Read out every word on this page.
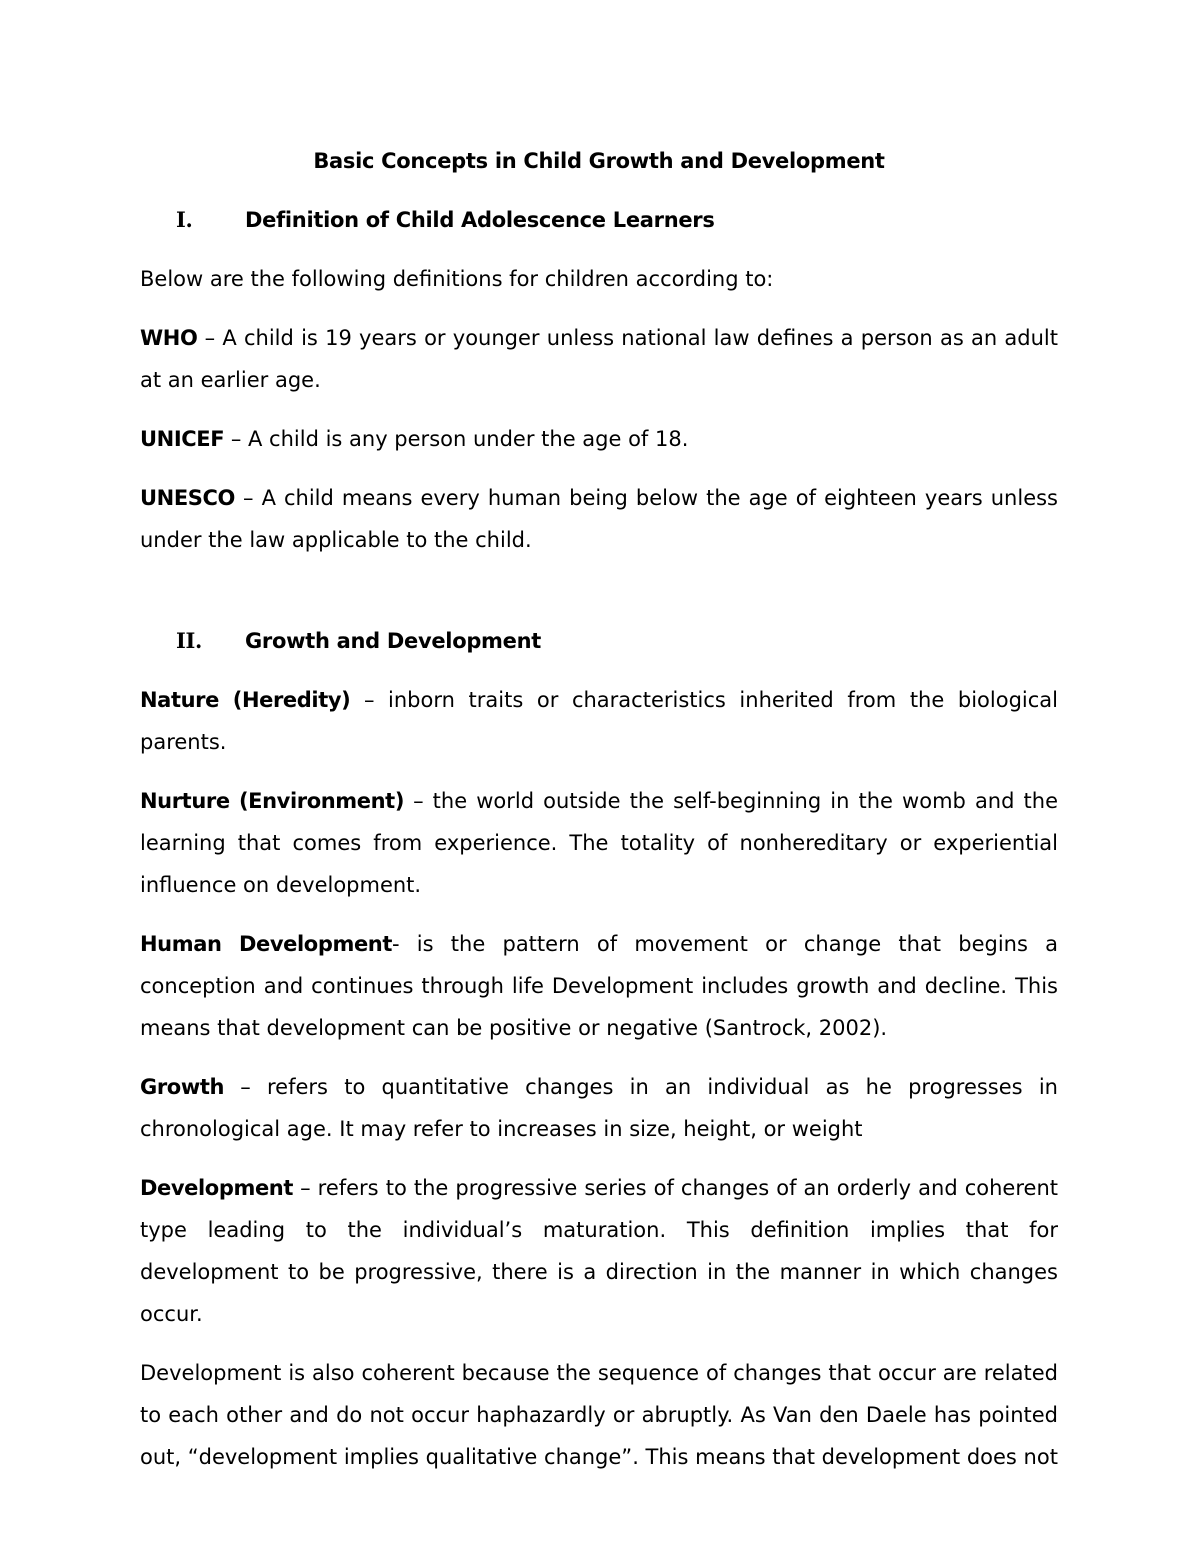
Basic Concepts in Child Growth and Development
I.	Definition of Child Adolescence Learners

Below are the following definitions for children according to:

WHO – A child is 19 years or younger unless national law defines a person as an adult at an earlier age.

UNICEF – A child is any person under the age of 18.

UNESCO – A child means every human being below the age of eighteen years unless under the law applicable to the child.

II.	Growth and Development

Nature (Heredity) – inborn traits or characteristics inherited from the biological parents.

Nurture (Environment) – the world outside the self-beginning in the womb and the learning that comes from experience. The totality of nonhereditary or experiential influence on development.

Human Development- is the pattern of movement or change that begins a conception and continues through life Development includes growth and decline. This means that development can be positive or negative (Santrock, 2002).

Growth – refers to quantitative changes in an individual as he progresses in chronological age. It may refer to increases in size, height, or weight

Development – refers to the progressive series of changes of an orderly and coherent type leading to the individual’s maturation. This definition implies that for development to be progressive, there is a direction in the manner in which changes occur.

Development is also coherent because the sequence of changes that occur are related to each other and do not occur haphazardly or abruptly. As Van den Daele has pointed out, “development implies qualitative change”. This means that development does not
